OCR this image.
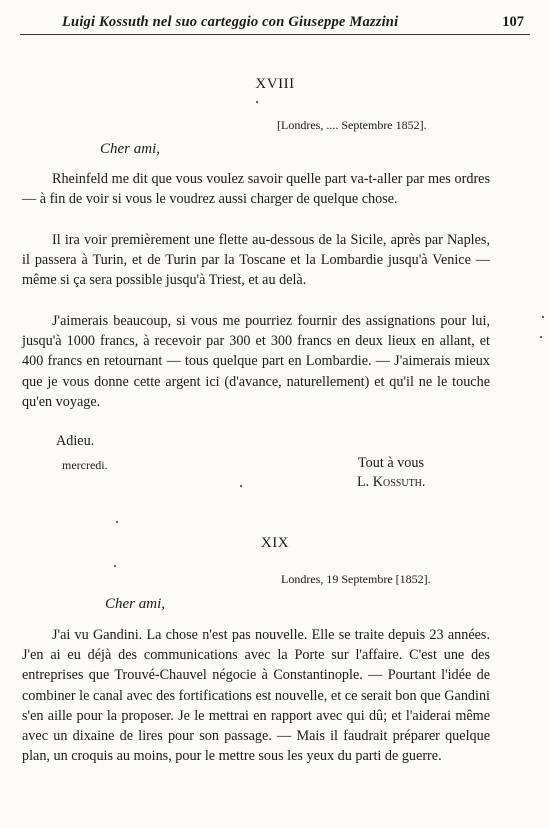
Luigi Kossuth nel suo carteggio con Giuseppe Mazzini	107
XVIII
[Londres, .... Septembre 1852].
Cher ami,

Rheinfeld me dit que vous voulez savoir quelle part va-t-aller par mes ordres — à fin de voir si vous le voudrez aussi charger de quelque chose.

Il ira voir premièrement une flette au-dessous de la Sicile, après par Naples, il passera à Turin, et de Turin par la Toscane et la Lombardie jusqu'à Venice — même si ça sera possible jusqu'à Triest, et au delà.

J'aimerais beaucoup, si vous me pourriez fournir des assignations pour lui, jusqu'à 1000 francs, à recevoir par 300 et 300 francs en deux lieux en allant, et 400 francs en retournant — tous quelque part en Lombardie. — J'aimerais mieux que je vous donne cette argent ici (d'avance, naturellement) et qu'il ne le touche qu'en voyage.

Adieu.
mercredi.	Tout à vous
L. Kossuth.
XIX
Londres, 19 Septembre [1852].
Cher ami,

J'ai vu Gandini. La chose n'est pas nouvelle. Elle se traite depuis 23 années. J'en ai eu déjà des communications avec la Porte sur l'affaire. C'est une des entreprises que Trouvé-Chauvel négocie à Constantinople. — Pourtant l'idée de combiner le canal avec des fortifications est nouvelle, et ce serait bon que Gandini s'en aille pour la proposer. Je le mettrai en rapport avec qui dû; et l'aiderai même avec un dixaine de lires pour son passage. — Mais il faudrait préparer quelque plan, un croquis au moins, pour le mettre sous les yeux du parti de guerre.
